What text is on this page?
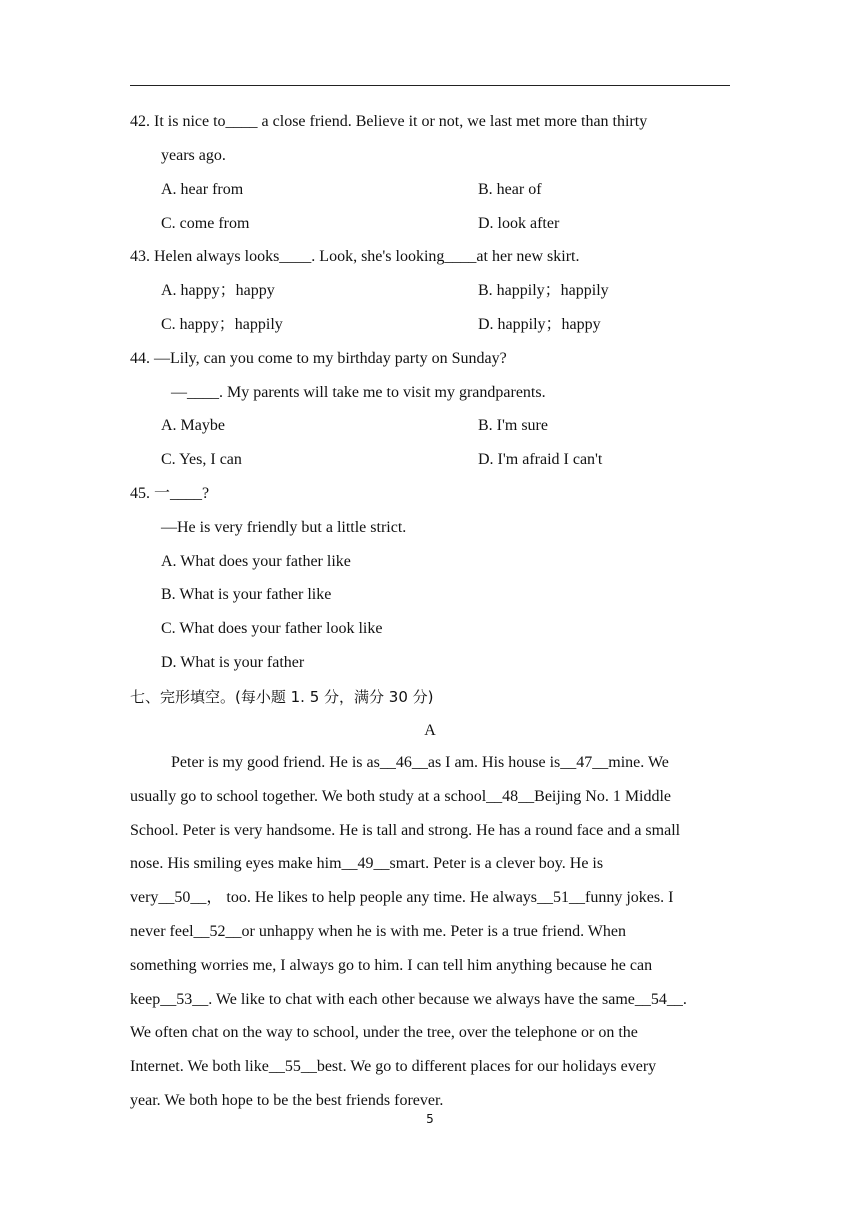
42. It is nice to____ a close friend. Believe it or not, we last met more than thirty
years ago.
A. hear from	B. hear of
C. come from	D. look after
43. Helen always looks____. Look, she's looking____at her new skirt.
A. happy；happy	B. happily；happily
C. happy；happily	D. happily；happy
44. —Lily, can you come to my birthday party on Sunday?
—____. My parents will take me to visit my grandparents.
A. Maybe	B. I'm sure
C. Yes, I can	D. I'm afraid I can't
45. 一____?
—He is very friendly but a little strict.
A. What does your father like
B. What is your father like
C. What does your father look like
D. What is your father
七、完形填空。(每小题 1. 5 分，满分 30 分)
A

Peter is my good friend. He is as__46__as I am. His house is__47__mine. We

usually go to school together. We both study at a school__48__Beijing No. 1 Middle

School. Peter is very handsome. He is tall and strong. He has a round face and a small

nose. His smiling eyes make him__49__smart. Peter is a clever boy. He is

very__50__， too. He likes to help people any time. He always__51__funny jokes. I

never feel__52__or unhappy when he is with me. Peter is a true friend. When

something worries me, I always go to him. I can tell him anything because he can

keep__53__. We like to chat with each other because we always have the same__54__.

We often chat on the way to school, under the tree, over the telephone or on the

Internet. We both like__55__best. We go to different places for our holidays every

year. We both hope to be the best friends forever.

5
